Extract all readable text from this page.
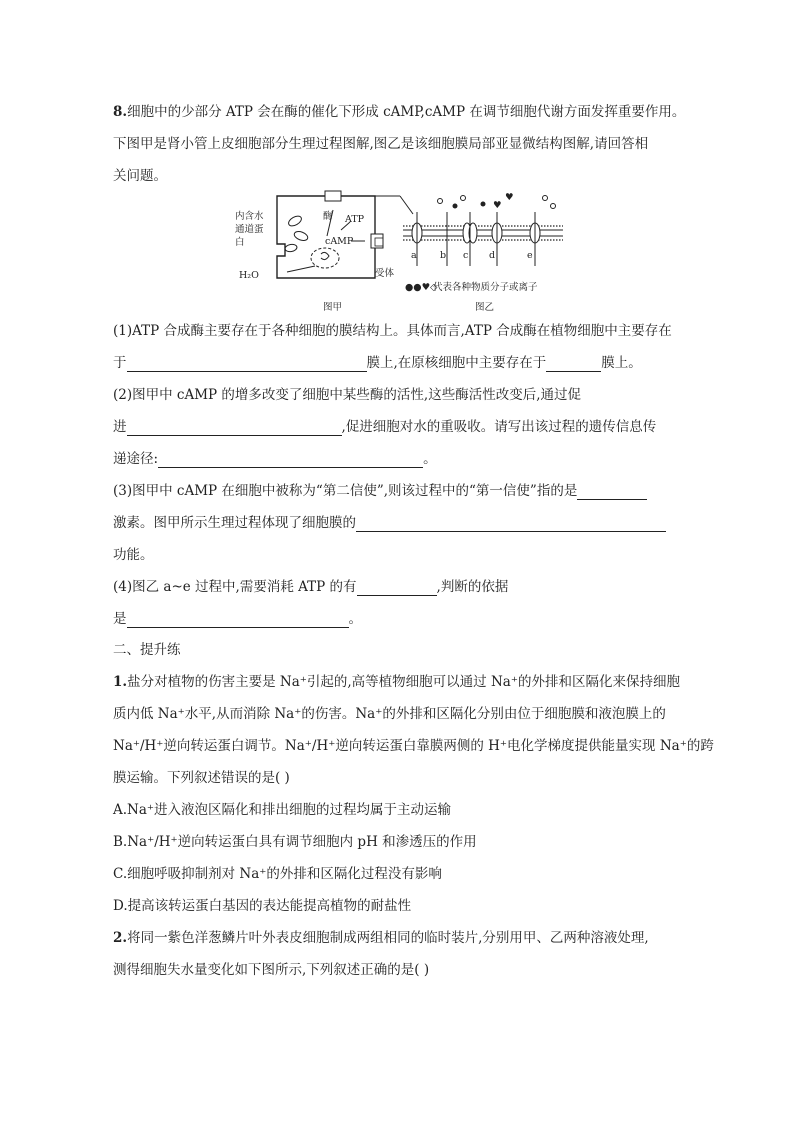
8.细胞中的少部分 ATP 会在酶的催化下形成 cAMP,cAMP 在调节细胞代谢方面发挥重要作用。
下图甲是肾小管上皮细胞部分生理过程图解,图乙是该细胞膜局部亚显微结构图解,请回答相
关问题。
内含水
通道蛋
白
酶 ATP
cAMP
受体
H₂O
图甲
♥
♥
a b c d	e
●●♥◇
代表各种物质分子或离子
图乙
(1)ATP 合成酶主要存在于各种细胞的膜结构上。具体而言,ATP 合成酶在植物细胞中主要存在
于	膜上,在原核细胞中主要存在于	膜上。
(2)图甲中 cAMP 的增多改变了细胞中某些酶的活性,这些酶活性改变后,通过促
进	,促进细胞对水的重吸收。请写出该过程的遗传信息传
递途径:	。
(3)图甲中 cAMP 在细胞中被称为“第二信使”,则该过程中的“第一信使”指的是
激素。图甲所示生理过程体现了细胞膜的
功能。
(4)图乙 a~e 过程中,需要消耗 ATP 的有	,判断的依据
是	。
二、提升练
1.盐分对植物的伤害主要是 Na⁺引起的,高等植物细胞可以通过 Na⁺的外排和区隔化来保持细胞
质内低 Na⁺水平,从而消除 Na⁺的伤害。Na⁺的外排和区隔化分别由位于细胞膜和液泡膜上的
Na⁺/H⁺逆向转运蛋白调节。Na⁺/H⁺逆向转运蛋白靠膜两侧的 H⁺电化学梯度提供能量实现 Na⁺的跨
膜运输。下列叙述错误的是( )
A.Na⁺进入液泡区隔化和排出细胞的过程均属于主动运输
B.Na⁺/H⁺逆向转运蛋白具有调节细胞内 pH 和渗透压的作用
C.细胞呼吸抑制剂对 Na⁺的外排和区隔化过程没有影响
D.提高该转运蛋白基因的表达能提高植物的耐盐性
2.将同一紫色洋葱鳞片叶外表皮细胞制成两组相同的临时装片,分别用甲、乙两种溶液处理,
测得细胞失水量变化如下图所示,下列叙述正确的是( )
